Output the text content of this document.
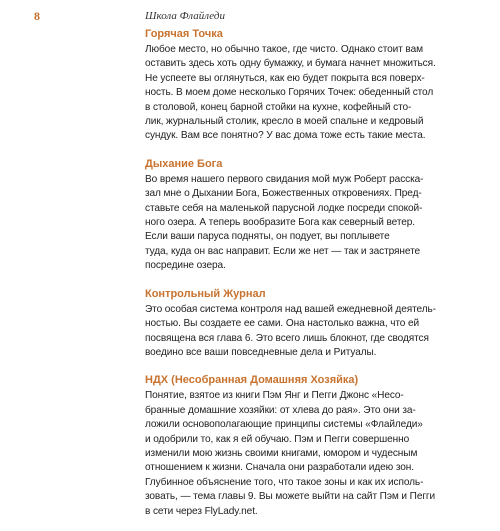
8	Школа Флайледи
Горячая Точка

Любое место, но обычно такое, где чисто. Однако стоит вам
оставить здесь хоть одну бумажку, и бумага начнет множиться.
Не успеете вы оглянуться, как ею будет покрыта вся поверх-
ность. В моем доме несколько Горячих Точек: обеденный стол
в столовой, конец барной стойки на кухне, кофейный сто-
лик, журнальный столик, кресло в моей спальне и кедровый
сундук. Вам все понятно? У вас дома тоже есть такие места.

Дыхание Бога

Во время нашего первого свидания мой муж Роберт расска-
зал мне о Дыхании Бога, Божественных откровениях. Пред-
ставьте себя на маленькой парусной лодке посреди спокой-
ного озера. А теперь вообразите Бога как северный ветер.
Если ваши паруса подняты, он подует, вы поплывете
туда, куда он вас направит. Если же нет — так и застрянете
посредине озера.

Контрольный Журнал

Это особая система контроля над вашей ежедневной деятель-
ностью. Вы создаете ее сами. Она настолько важна, что ей
посвящена вся глава 6. Это всего лишь блокнот, где сводятся
воедино все ваши повседневные дела и Ритуалы.

НДХ (Несобранная Домашняя Хозяйка)

Понятие, взятое из книги Пэм Янг и Пегги Джонс «Несо-
бранные домашние хозяйки: от хлева до рая». Это они за-
ложили основополагающие принципы системы «Флайледи»
и одобрили то, как я ей обучаю. Пэм и Пегги совершенно
изменили мою жизнь своими книгами, юмором и чудесным
отношением к жизни. Сначала они разработали идею зон.
Глубинное объяснение того, что такое зоны и как их исполь-
зовать, — тема главы 9. Вы можете выйти на сайт Пэм и Пегги
в сети через FlyLady.net.
